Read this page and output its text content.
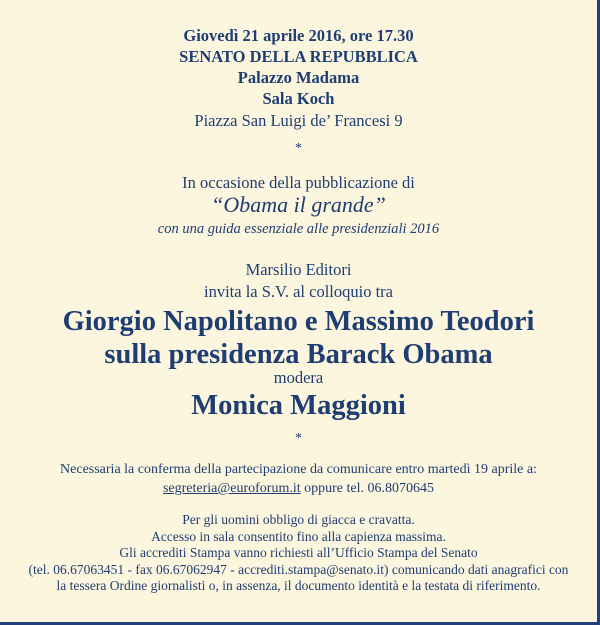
Giovedì 21 aprile 2016, ore 17.30
SENATO DELLA REPUBBLICA
Palazzo Madama
Sala Koch
Piazza San Luigi de’ Francesi 9
*
In occasione della pubblicazione di
“Obama il grande”
con una guida essenziale alle presidenziali 2016
Marsilio Editori
invita la S.V. al colloquio tra
Giorgio Napolitano e Massimo Teodori
sulla presidenza Barack Obama
modera
Monica Maggioni
*
Necessaria la conferma della partecipazione da comunicare entro martedì 19 aprile a:
segreteria@euroforum.it oppure tel. 06.8070645
Per gli uomini obbligo di giacca e cravatta.
Accesso in sala consentito fino alla capienza massima.
Gli accrediti Stampa vanno richiesti all’Ufficio Stampa del Senato
(tel. 06.67063451 - fax 06.67062947 - accrediti.stampa@senato.it) comunicando dati anagrafici con
la tessera Ordine giornalisti o, in assenza, il documento identità e la testata di riferimento.
